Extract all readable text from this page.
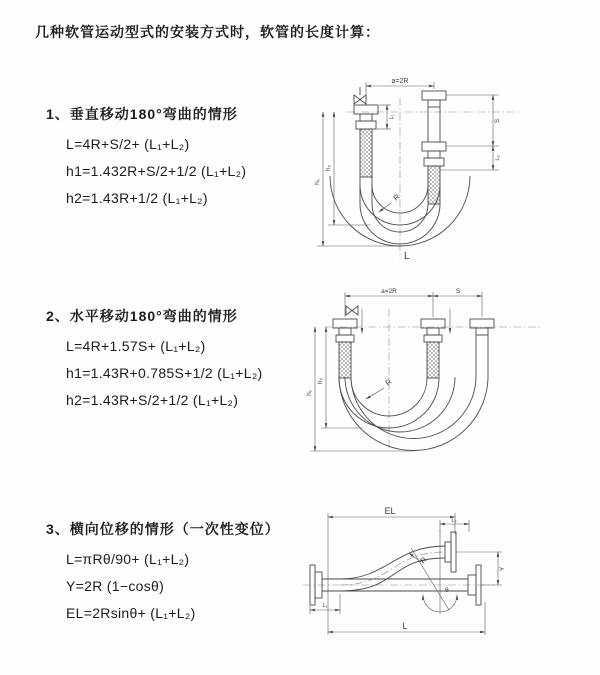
几种软管运动型式的安装方式时，软管的长度计算：
1、垂直移动180°弯曲的情形
L=4R+S/2+ (L₁+L₂)
h1=1.432R+S/2+1/2 (L₁+L₂)
h2=1.43R+1/2 (L₁+L₂)
2、水平移动180°弯曲的情形
L=4R+1.57S+ (L₁+L₂)
h1=1.43R+0.785S+1/2 (L₁+L₂)
h2=1.43R+S/2+1/2 (L₁+L₂)
3、横向位移的情形（一次性变位）
L=πRθ/90+ (L₁+L₂)
Y=2R (1−cosθ)
EL=2Rsinθ+ (L₁+L₂)
a=2R
h₁
h₂
S
L₂
L₁
R
L
a=2R	S
h₁
h₂	R
EL
L₂
Y
θ
R
L
L₁
